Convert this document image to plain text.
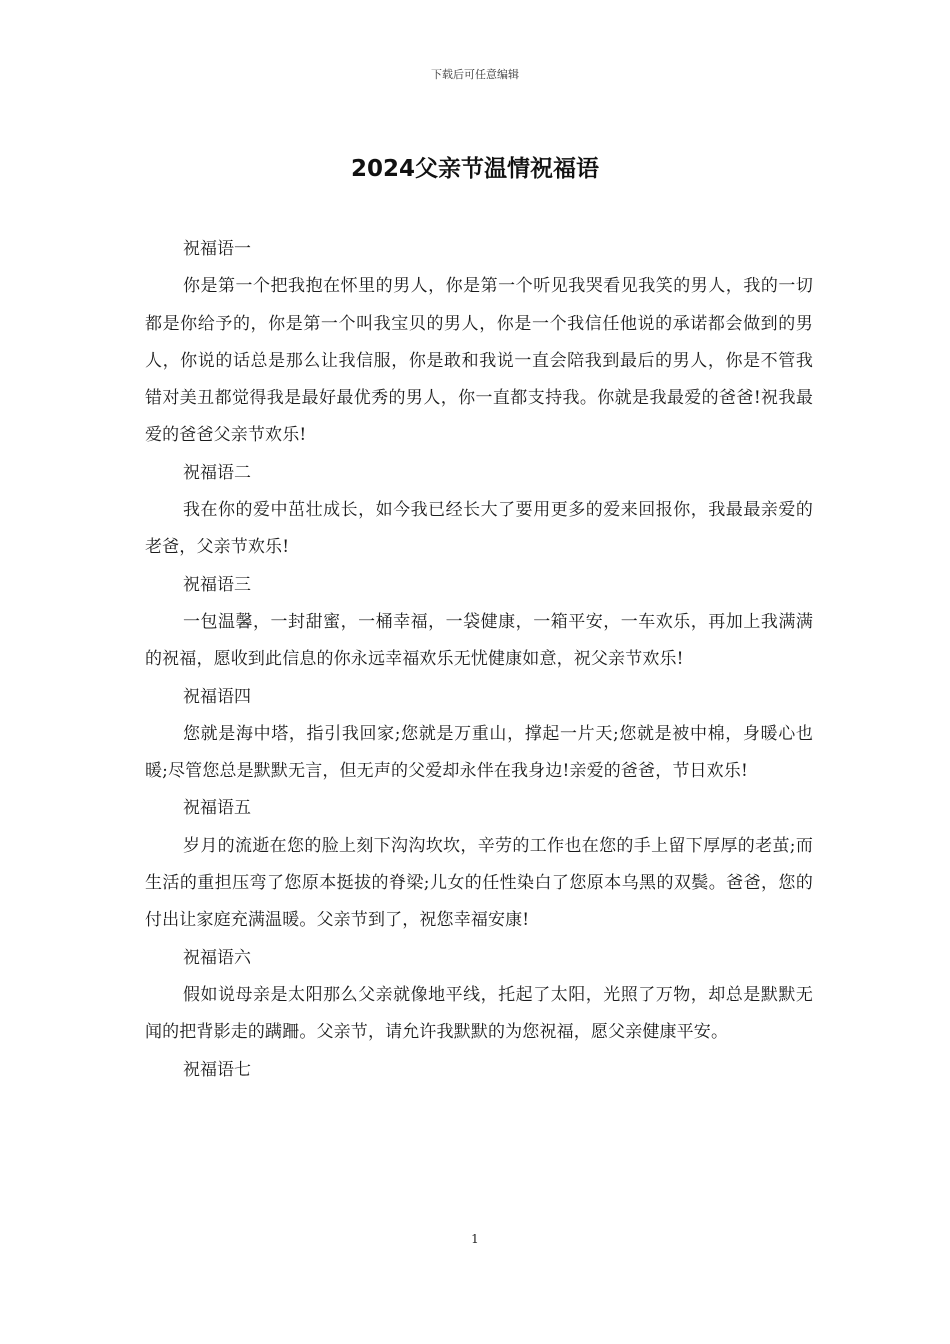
下载后可任意编辑
2024父亲节温情祝福语

祝福语一

你是第一个把我抱在怀里的男人，你是第一个听见我哭看见我笑的男人，我的一切都是你给予的，你是第一个叫我宝贝的男人，你是一个我信任他说的承诺都会做到的男人，你说的话总是那么让我信服，你是敢和我说一直会陪我到最后的男人，你是不管我错对美丑都觉得我是最好最优秀的男人，你一直都支持我。你就是我最爱的爸爸!祝我最爱的爸爸父亲节欢乐!

祝福语二

我在你的爱中茁壮成长，如今我已经长大了要用更多的爱来回报你，我最最亲爱的老爸，父亲节欢乐!

祝福语三

一包温馨，一封甜蜜，一桶幸福，一袋健康，一箱平安，一车欢乐，再加上我满满的祝福，愿收到此信息的你永远幸福欢乐无忧健康如意，祝父亲节欢乐!

祝福语四

您就是海中塔，指引我回家;您就是万重山，撑起一片天;您就是被中棉，身暖心也暖;尽管您总是默默无言，但无声的父爱却永伴在我身边!亲爱的爸爸，节日欢乐!

祝福语五

岁月的流逝在您的脸上刻下沟沟坎坎，辛劳的工作也在您的手上留下厚厚的老茧;而生活的重担压弯了您原本挺拔的脊梁;儿女的任性染白了您原本乌黑的双鬓。爸爸，您的付出让家庭充满温暖。父亲节到了，祝您幸福安康!

祝福语六

假如说母亲是太阳那么父亲就像地平线，托起了太阳，光照了万物，却总是默默无闻的把背影走的蹒跚。父亲节，请允许我默默的为您祝福，愿父亲健康平安。

祝福语七

1
